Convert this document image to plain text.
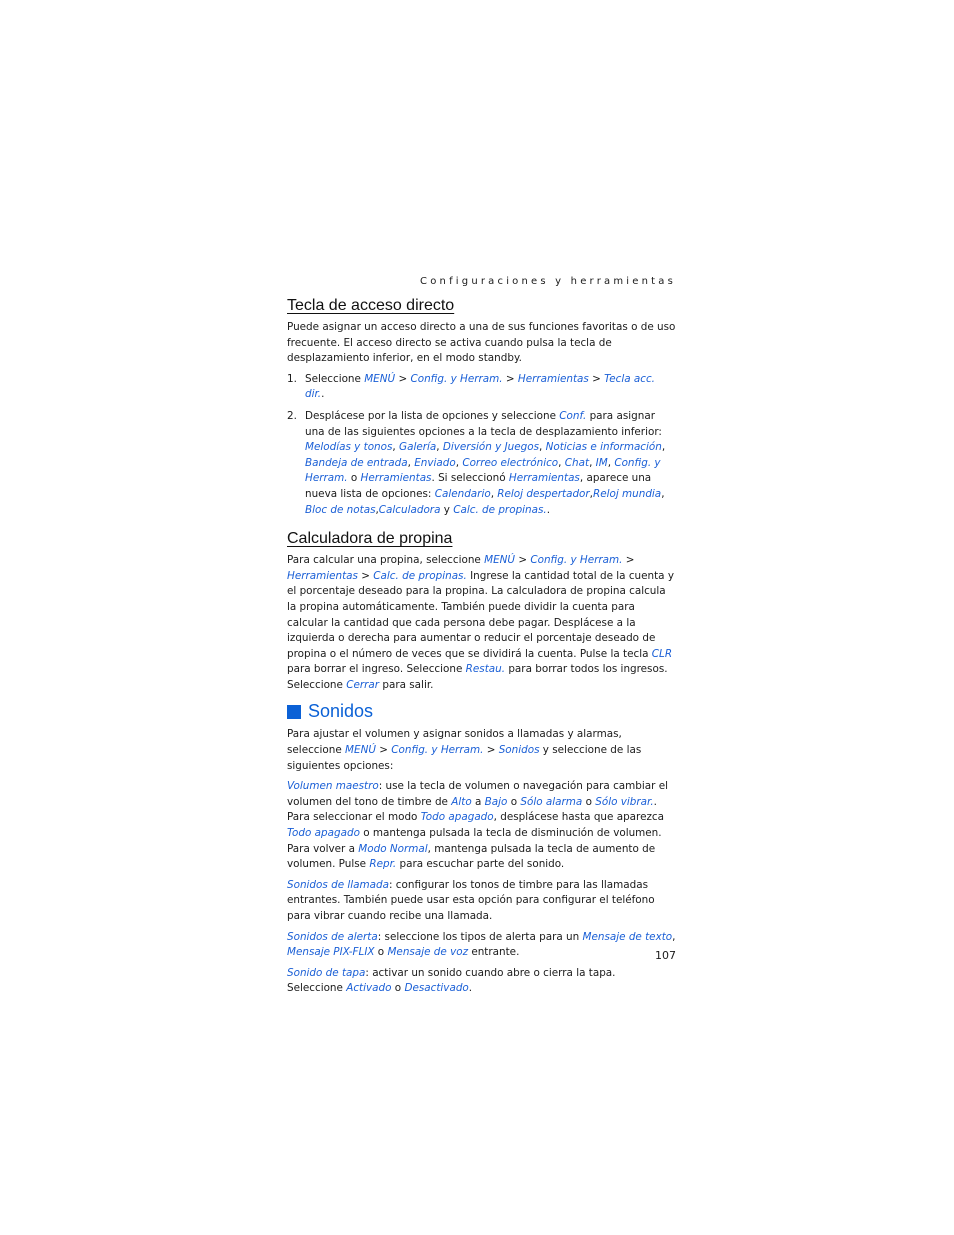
Configuraciones y herramientas

Tecla de acceso directo

Puede asignar un acceso directo a una de sus funciones favoritas o de uso frecuente. El acceso directo se activa cuando pulsa la tecla de desplazamiento inferior, en el modo standby.

1. Seleccione MENÚ > Config. y Herram. > Herramientas > Tecla acc. dir..
2. Desplácese por la lista de opciones y seleccione Conf. para asignar una de las siguientes opciones a la tecla de desplazamiento inferior: Melodías y tonos, Galería, Diversión y Juegos, Noticias e información, Bandeja de entrada, Enviado, Correo electrónico, Chat, IM, Config. y Herram. o Herramientas. Si seleccionó Herramientas, aparece una nueva lista de opciones: Calendario, Reloj despertador,Reloj mundia, Bloc de notas,Calculadora y Calc. de propinas..
Calculadora de propina

Para calcular una propina, seleccione MENÚ > Config. y Herram. > Herramientas > Calc. de propinas. Ingrese la cantidad total de la cuenta y el porcentaje deseado para la propina. La calculadora de propina calcula la propina automáticamente. También puede dividir la cuenta para calcular la cantidad que cada persona debe pagar. Desplácese a la izquierda o derecha para aumentar o reducir el porcentaje deseado de propina o el número de veces que se dividirá la cuenta. Pulse la tecla CLR para borrar el ingreso. Seleccione Restau. para borrar todos los ingresos. Seleccione Cerrar para salir.

Sonidos

Para ajustar el volumen y asignar sonidos a llamadas y alarmas, seleccione MENÚ > Config. y Herram. > Sonidos y seleccione de las siguientes opciones:

Volumen maestro: use la tecla de volumen o navegación para cambiar el volumen del tono de timbre de Alto a Bajo o Sólo alarma o Sólo vibrar.. Para seleccionar el modo Todo apagado, desplácese hasta que aparezca Todo apagado o mantenga pulsada la tecla de disminución de volumen. Para volver a Modo Normal, mantenga pulsada la tecla de aumento de volumen. Pulse Repr. para escuchar parte del sonido.

Sonidos de llamada: configurar los tonos de timbre para las llamadas entrantes. También puede usar esta opción para configurar el teléfono para vibrar cuando recibe una llamada.

Sonidos de alerta: seleccione los tipos de alerta para un Mensaje de texto, Mensaje PIX-FLIX o Mensaje de voz entrante.

Sonido de tapa: activar un sonido cuando abre o cierra la tapa.
Seleccione Activado o Desactivado.

107
